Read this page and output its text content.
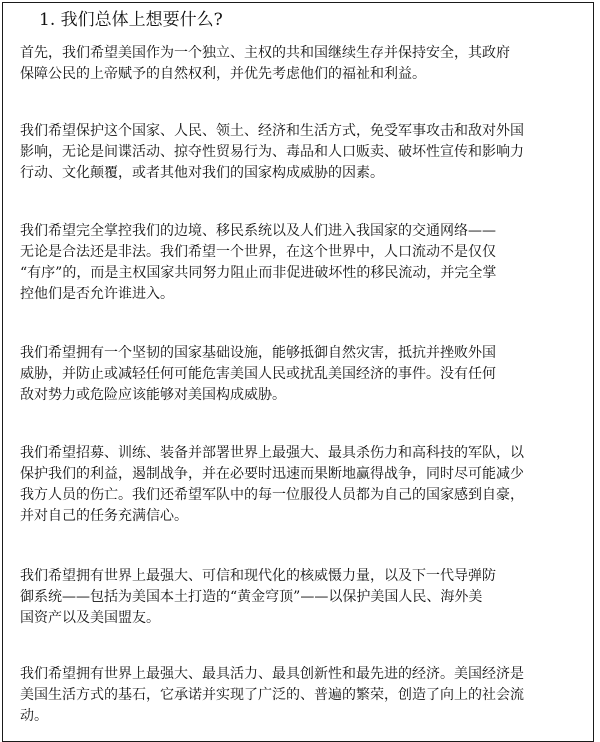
1. 我们总体上想要什么?

首先，我们希望美国作为一个独立、主权的共和国继续生存并保持安全，其政府
保障公民的上帝赋予的自然权利，并优先考虑他们的福祉和利益。

我们希望保护这个国家、人民、领土、经济和生活方式，免受军事攻击和敌对外国
影响，无论是间谍活动、掠夺性贸易行为、毒品和人口贩卖、破坏性宣传和影响力
行动、文化颠覆，或者其他对我们的国家构成威胁的因素。

我们希望完全掌控我们的边境、移民系统以及人们进入我国家的交通网络——
无论是合法还是非法。我们希望一个世界，在这个世界中，人口流动不是仅仅
“有序”的，而是主权国家共同努力阻止而非促进破坏性的移民流动，并完全掌
控他们是否允许谁进入。

我们希望拥有一个坚韧的国家基础设施，能够抵御自然灾害，抵抗并挫败外国
威胁，并防止或减轻任何可能危害美国人民或扰乱美国经济的事件。没有任何
敌对势力或危险应该能够对美国构成威胁。

我们希望招募、训练、装备并部署世界上最强大、最具杀伤力和高科技的军队，以
保护我们的利益，遏制战争，并在必要时迅速而果断地赢得战争，同时尽可能减少
我方人员的伤亡。我们还希望军队中的每一位服役人员都为自己的国家感到自豪，
并对自己的任务充满信心。

我们希望拥有世界上最强大、可信和现代化的核威慑力量，以及下一代导弹防
御系统——包括为美国本土打造的“黄金穹顶”——以保护美国人民、海外美
国资产以及美国盟友。

我们希望拥有世界上最强大、最具活力、最具创新性和最先进的经济。美国经济是
美国生活方式的基石，它承诺并实现了广泛的、普遍的繁荣，创造了向上的社会流
动。
